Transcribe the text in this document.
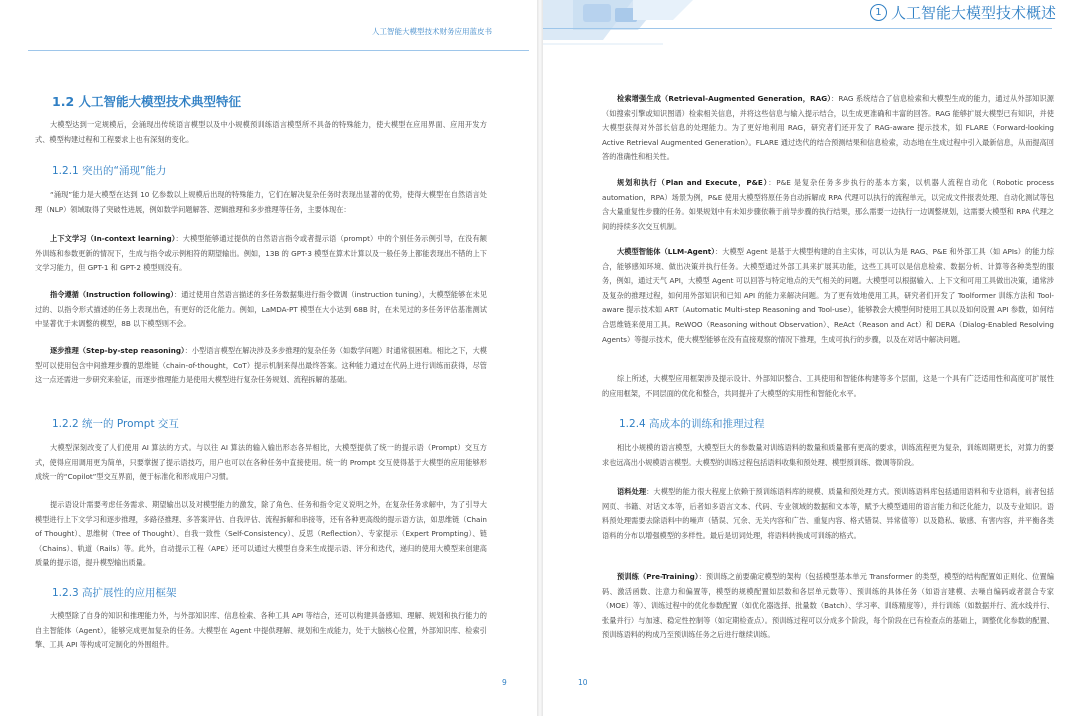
人工智能大模型技术财务应用蓝皮书
1.2 人工智能大模型技术典型特征

大模型达到一定规模后，会涌现出传统语言模型以及中小规模预训练语言模型所不具备的特殊能力，使大模型在应用界面、应用开发方式、模型构建过程和工程要求上也有深刻的变化。

1.2.1 突出的“涌现”能力

“涌现”能力是大模型在达到 10 亿参数以上规模后出现的特殊能力，它们在解决复杂任务时表现出显著的优势，使得大模型在自然语言处理（NLP）领域取得了突破性进展，例如数学问题解答、逻辑推理和多步推理等任务，主要体现在：

上下文学习（In-context learning）：大模型能够通过提供的自然语言指令或者提示语（prompt）中的个别任务示例引导，在没有额外训练和参数更新的情况下，生成与指令或示例相符的期望输出。例如，13B 的 GPT-3 模型在算术计算以及一般任务上都能表现出不错的上下文学习能力，但 GPT-1 和 GPT-2 模型则没有。

指令遵循（Instruction following）：通过使用自然语言描述的多任务数据集进行指令微调（instruction tuning），大模型能够在未见过的、以指令形式描述的任务上表现出色，有更好的泛化能力。例如，LaMDA-PT 模型在大小达到 68B 时，在未见过的多任务评估基准测试中显著优于未调整的模型，8B 以下模型则不会。

逐步推理（Step-by-step reasoning）：小型语言模型在解决涉及多步推理的复杂任务（如数学问题）时通常很困难。相比之下，大模型可以使用包含中间推理步骤的思维链（chain-of-thought，CoT）提示机制来得出最终答案。这种能力通过在代码上进行训练而获得，尽管这一点还需进一步研究来验证，而逐步推理能力是使用大模型进行复杂任务规划、流程拆解的基础。

1.2.2 统一的 Prompt 交互

大模型深刻改变了人们使用 AI 算法的方式。与以往 AI 算法的输入输出形态各异相比，大模型提供了统一的提示语（Prompt）交互方式，使得应用调用更为简单，只要掌握了提示语技巧，用户也可以在各种任务中直接使用。统一的 Prompt 交互使得基于大模型的应用能够形成统一的“Copilot”型交互界面，便于标准化和形成用户习惯。

提示语设计需要考虑任务需求、期望输出以及对模型能力的激发，除了角色、任务和指令定义说明之外，在复杂任务求解中，为了引导大模型进行上下文学习和逐步推理，多路径推理、多答案评估、自我评估、流程拆解和串接等，还有各种更高级的提示语方法，如思维链（Chain of Thought）、思维树（Tree of Thought）、自我一致性（Self-Consistency）、反思（Reflection）、专家提示（Expert Prompting）、链（Chains）、轨道（Rails）等。此外，自动提示工程（APE）还可以通过大模型自身来生成提示语、评分和迭代，递归的使用大模型来创建高质量的提示语，提升模型输出质量。

1.2.3 高扩展性的应用框架

大模型除了自身的知识和推理能力外，与外部知识库、信息检索、各种工具 API 等结合，还可以构建具备感知、理解、规划和执行能力的自主智能体（Agent），能够完成更加复杂的任务。大模型在 Agent 中提供理解、规划和生成能力，处于大脑核心位置，外部知识库、检索引擎、工具 API 等构成可定制化的外围组件。

9
1 人工智能大模型技术概述

检索增强生成（Retrieval-Augmented Generation，RAG）：RAG 系统结合了信息检索和大模型生成的能力，通过从外部知识源（如搜索引擎或知识图谱）检索相关信息，并将这些信息与输入提示结合，以生成更准确和丰富的回答。RAG 能够扩展大模型已有知识，并使大模型获得对外部长信息的处理能力。为了更好地利用 RAG，研究者们还开发了 RAG-aware 提示技术，如 FLARE（Forward-looking Active Retrieval Augmented Generation）。FLARE 通过迭代的结合预测结果和信息检索，动态地在生成过程中引入最新信息，从而提高回答的准确性和相关性。

规划和执行（Plan and Execute，P&E）：P&E 是复杂任务多步执行的基本方案，以机器人流程自动化（Robotic process automation，RPA）场景为例，P&E 使用大模型将原任务自动拆解成 RPA 代理可以执行的流程单元，以完成文件报表处理、自动化测试等包含大量重复性步骤的任务。如果规划中有未知步骤依赖于前导步骤的执行结果，那么需要一边执行一边调整规划，这需要大模型和 RPA 代理之间的持续多次交互机制。

大模型智能体（LLM-Agent）：大模型 Agent 是基于大模型构建的自主实体，可以认为是 RAG、P&E 和外部工具（如 APIs）的能力综合，能够感知环境、做出决策并执行任务。大模型通过外部工具来扩展其功能，这些工具可以是信息检索、数据分析、计算等各种类型的服务，例如，通过天气 API，大模型 Agent 可以回答与特定地点的天气相关的问题。大模型可以根据输入、上下文和可用工具做出决策，通常涉及复杂的推理过程，如何用外部知识和已知 API 的能力来解决问题。为了更有效地使用工具，研究者们开发了 Toolformer 训练方法和 Tool-aware 提示技术如 ART（Automatic Multi-step Reasoning and Tool-use），能够教会大模型何时使用工具以及如何设置 API 参数，如何结合思维链来使用工具。ReWOO（Reasoning without Observation）、ReAct（Reason and Act）和 DERA（Dialog-Enabled Resolving Agents）等提示技术，使大模型能够在没有直接观察的情况下推理，生成可执行的步骤，以及在对话中解决问题。

综上所述，大模型应用框架涉及提示设计、外部知识整合、工具使用和智能体构建等多个层面，这是一个具有广泛适用性和高度可扩展性的应用框架，不同层面的优化和整合，共同提升了大模型的实用性和智能化水平。

1.2.4 高成本的训练和推理过程

相比小规模的语言模型，大模型巨大的参数量对训练语料的数量和质量都有更高的要求，训练流程更为复杂，训练周期更长，对算力的要求也远高出小规模语言模型。大模型的训练过程包括语料收集和预处理、模型预训练、微调等阶段。

语料处理：大模型的能力很大程度上依赖于预训练语料库的规模、质量和预处理方式。预训练语料库包括通用语料和专业语料，前者包括网页、书籍、对话文本等，后者如多语言文本、代码、专业领域的数据和文本等，赋予大模型通用的语言能力和泛化能力，以及专业知识。语料预处理需要去除语料中的噪声（错误、冗余、无关内容和广告、重复内容、格式错误、异常值等）以及隐私、敏感、有害内容，并平衡各类语料的分布以增强模型的多样性。最后是切词处理，将语料转换成可训练的格式。

预训练（Pre-Training）：预训练之前要确定模型的架构（包括模型基本单元 Transformer 的类型，模型的结构配置如正则化、位置编码、激活函数、注意力和偏置等，模型的规模配置如层数和各层单元数等）、预训练的具体任务（如语言建模、去噪自编码或者混合专家（MOE）等）、训练过程中的优化参数配置（如优化器选择、批量数（Batch）、学习率、训练精度等），并行训练（如数据并行、流水线并行、张量并行）与加速、稳定性控制等（如定期检查点）。预训练过程可以分成多个阶段，每个阶段在已有检查点的基础上，调整优化参数的配置、预训练语料的构成乃至预训练任务之后进行继续训练。

10
